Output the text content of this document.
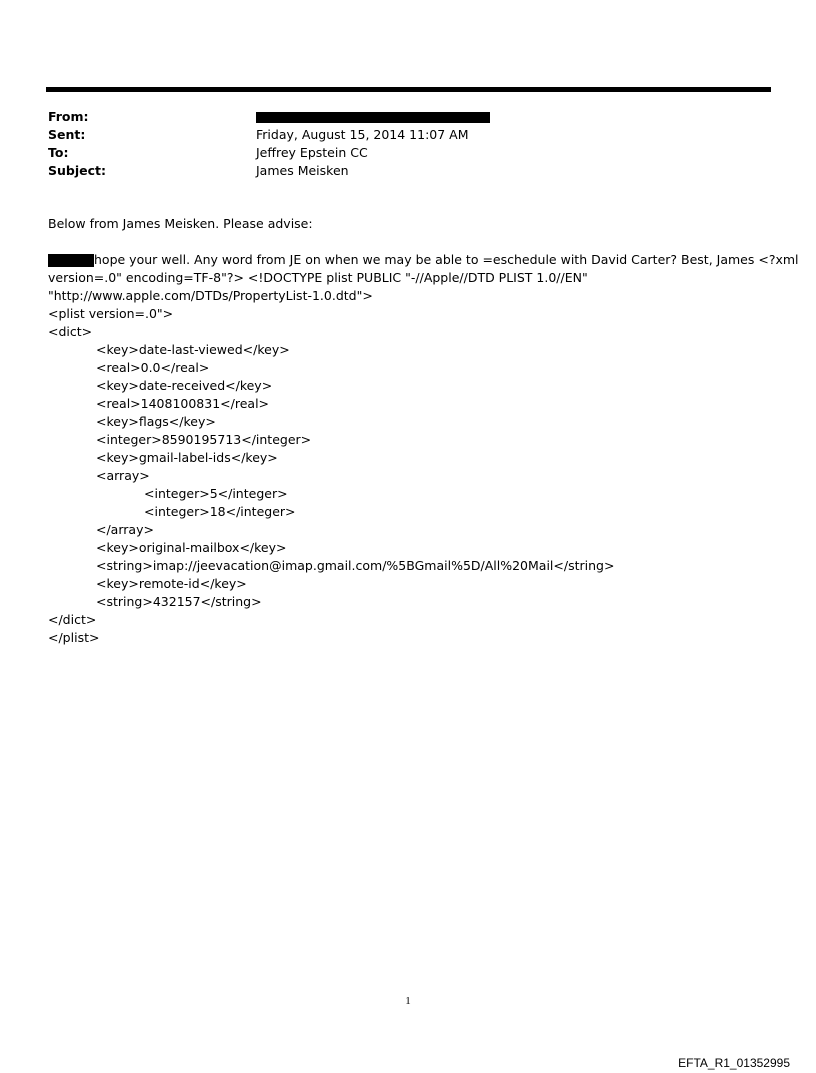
From:
Sent:	Friday, August 15, 2014 11:07 AM
To:	Jeffrey Epstein CC
Subject:	James Meisken

Below from James Meisken. Please advise:

hope your well. Any word from JE on when we may be able to =eschedule with David Carter? Best, James <?xml

version=.0" encoding=TF-8"?> <!DOCTYPE plist PUBLIC "-//Apple//DTD PLIST 1.0//EN"

"http://www.apple.com/DTDs/PropertyList-1.0.dtd">

<plist version=.0">

<dict>

<key>date-last-viewed</key>

<real>0.0</real>

<key>date-received</key>

<real>1408100831</real>

<key>flags</key>

<integer>8590195713</integer>

<key>gmail-label-ids</key>

<array>

<integer>5</integer>

<integer>18</integer>

</array>

<key>original-mailbox</key>

<string>imap://jeevacation@imap.gmail.com/%5BGmail%5D/All%20Mail</string>

<key>remote-id</key>

<string>432157</string>

</dict>

</plist>

1
EFTA_R1_01352995
